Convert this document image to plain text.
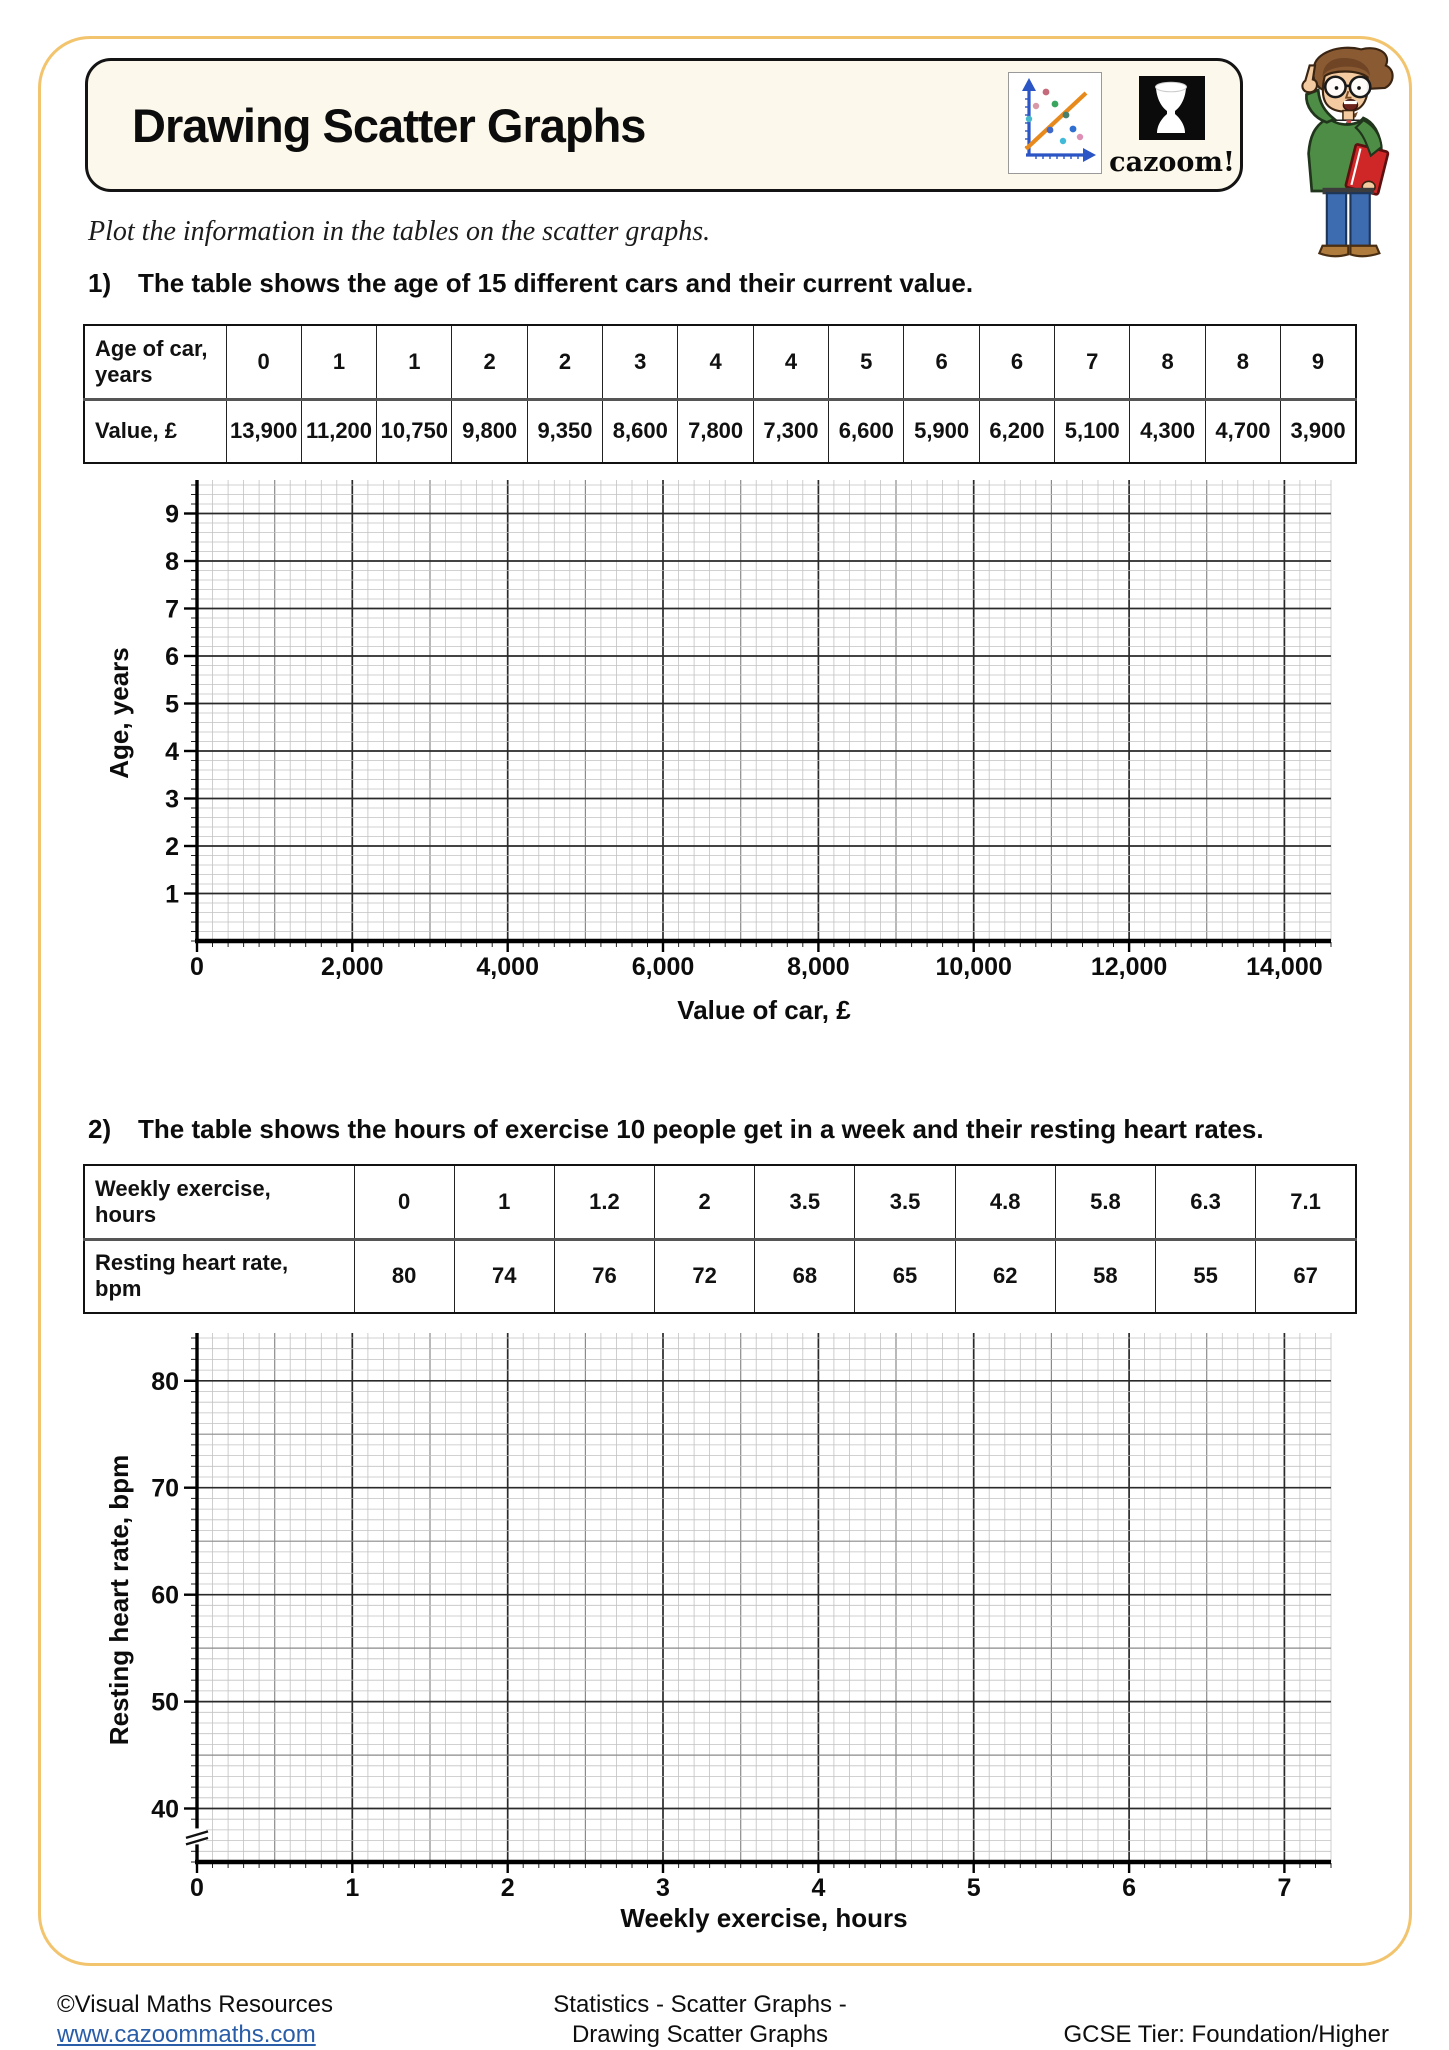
Drawing Scatter Graphs
cazoom!
Plot the information in the tables on the scatter graphs.
1) The table shows the age of 15 different cars and their current value.
Age of car, years	0	1	1	2	2	3	4	4	5	6	6	7	8	8	9

Value, £	13,900	11,200	10,750	9,800	9,350	8,600	7,800	7,300	6,600	5,900	6,200	5,100	4,300	4,700	3,900
0	2,000	4,000	6,000	8,000	10,000	12,000	14,000
1
2
3
4
5
6
7
8
9
Value of car, £
Age, years
2) The table shows the hours of exercise 10 people get in a week and their resting heart rates.
Weekly exercise, hours	0	1	1.2	2	3.5	3.5	4.8	5.8	6.3	7.1

Resting heart rate, bpm	80	74	76	72	68	65	62	58	55	67
0	1	2	3	4	5	6	7
40
50
60
70
80
Weekly exercise, hours
Resting heart rate, bpm
©Visual Maths Resources
www.cazoommaths.com
Statistics - Scatter Graphs -
Drawing Scatter Graphs	GCSE Tier: Foundation/Higher
